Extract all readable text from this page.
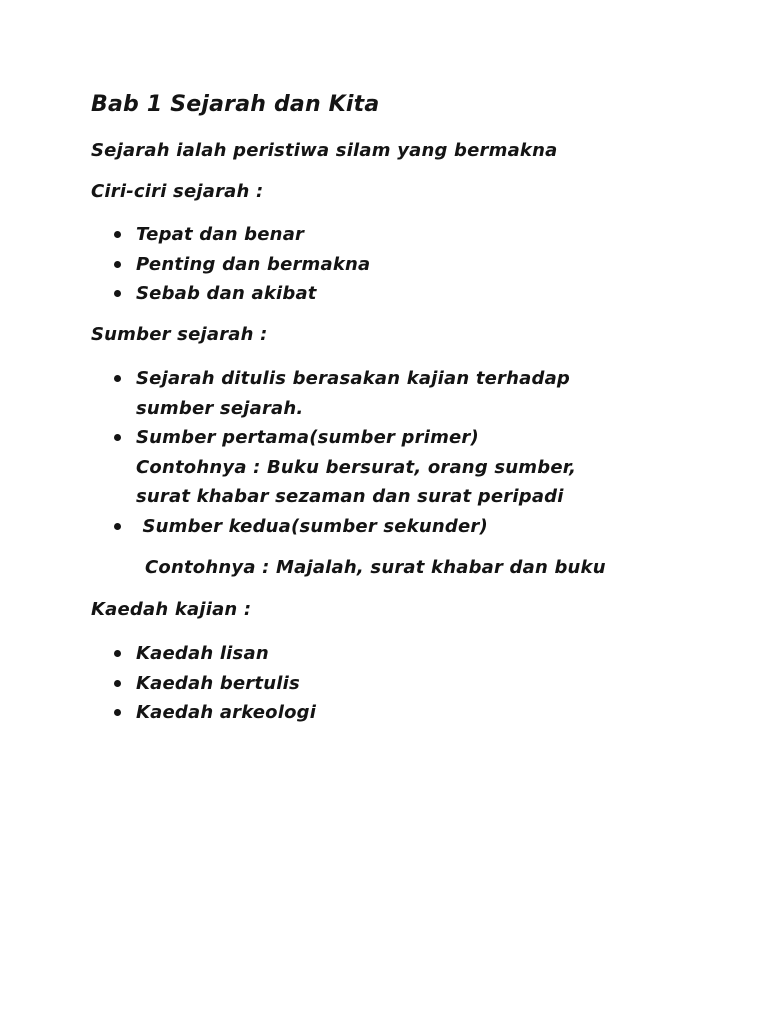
Bab 1 Sejarah dan Kita

Sejarah ialah peristiwa silam yang bermakna

Ciri-ciri sejarah :

Tepat dan benar
Penting dan bermakna
Sebab dan akibat

Sumber sejarah :

Sejarah ditulis berasakan kajian terhadap
sumber sejarah.
Sumber pertama(sumber primer)
Contohnya : Buku bersurat, orang sumber,
surat khabar sezaman dan surat peripadi
Sumber kedua(sumber sekunder)

Contohnya : Majalah, surat khabar dan buku

Kaedah kajian :

Kaedah lisan
Kaedah bertulis
Kaedah arkeologi
